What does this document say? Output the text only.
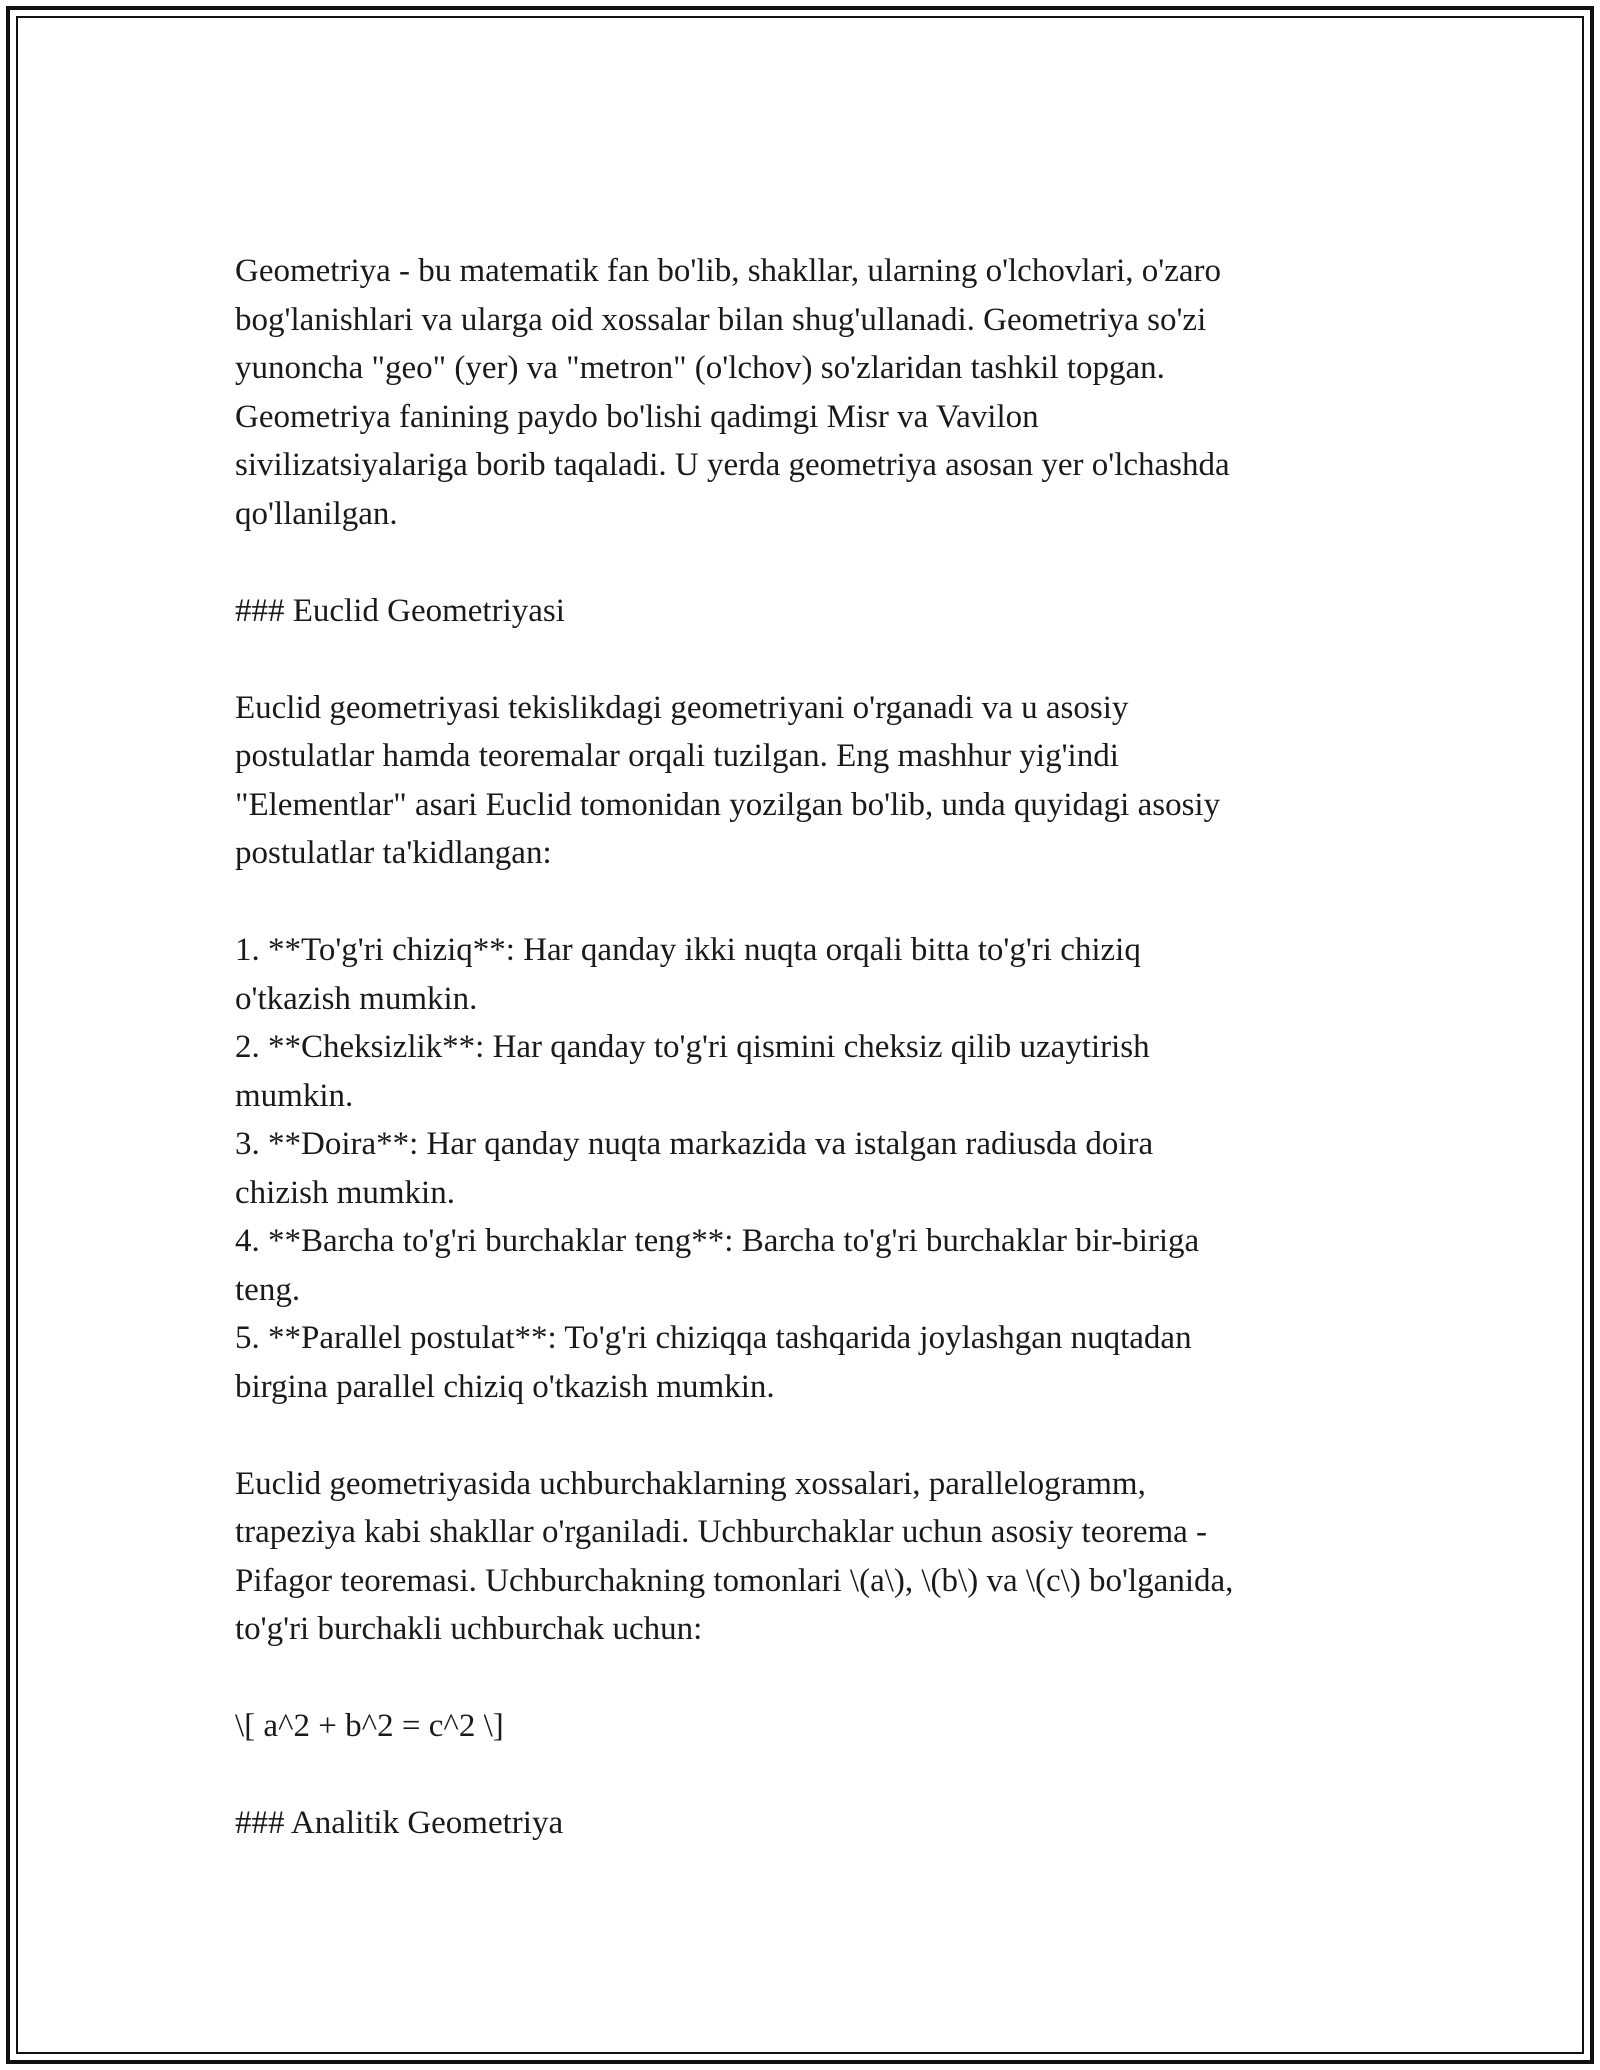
Geometriya - bu matematik fan bo'lib, shakllar, ularning o'lchovlari, o'zaro
bog'lanishlari va ularga oid xossalar bilan shug'ullanadi. Geometriya so'zi
yunoncha "geo" (yer) va "metron" (o'lchov) so'zlaridan tashkil topgan.
Geometriya fanining paydo bo'lishi qadimgi Misr va Vavilon
sivilizatsiyalariga borib taqaladi. U yerda geometriya asosan yer o'lchashda
qo'llanilgan.

### Euclid Geometriyasi

Euclid geometriyasi tekislikdagi geometriyani o'rganadi va u asosiy
postulatlar hamda teoremalar orqali tuzilgan. Eng mashhur yig'indi
"Elementlar" asari Euclid tomonidan yozilgan bo'lib, unda quyidagi asosiy
postulatlar ta'kidlangan:

1. **To'g'ri chiziq**: Har qanday ikki nuqta orqali bitta to'g'ri chiziq
o'tkazish mumkin.

2. **Cheksizlik**: Har qanday to'g'ri qismini cheksiz qilib uzaytirish
mumkin.

3. **Doira**: Har qanday nuqta markazida va istalgan radiusda doira
chizish mumkin.

4. **Barcha to'g'ri burchaklar teng**: Barcha to'g'ri burchaklar bir-biriga
teng.

5. **Parallel postulat**: To'g'ri chiziqqa tashqarida joylashgan nuqtadan
birgina parallel chiziq o'tkazish mumkin.

Euclid geometriyasida uchburchaklarning xossalari, parallelogramm,
trapeziya kabi shakllar o'rganiladi. Uchburchaklar uchun asosiy teorema -
Pifagor teoremasi. Uchburchakning tomonlari \(a\), \(b\) va \(c\) bo'lganida,
to'g'ri burchakli uchburchak uchun:

\[ a^2 + b^2 = c^2 \]

### Analitik Geometriya
